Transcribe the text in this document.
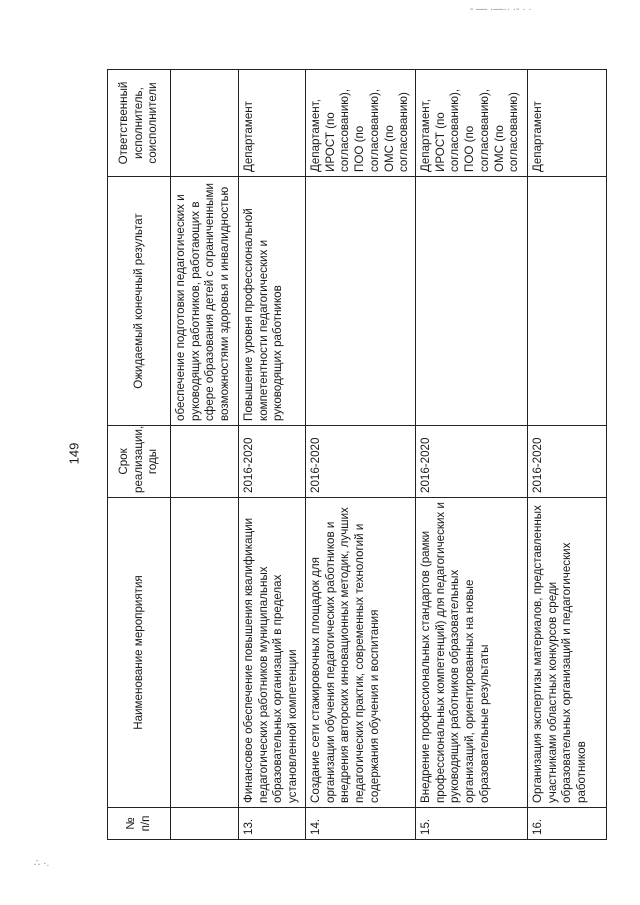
∴ ·.
- –– ·—·· ·- · ·
149
№ п/п	Наименование мероприятия	Срок реализации, годы	Ожидаемый конечный результат	Ответственный исполнитель, соисполнители
			обеспечение подготовки педагогических и руководящих работников, работающих в сфере образования детей с ограниченными возможностями здоровья и инвалидностью	
13.	Финансовое обеспечение повышения квалификации педагогических работников муниципальных образовательных организаций в пределах установленной компетенции	2016-2020	Повышение уровня профессиональной компетентности педагогических и руководящих работников	Департамент
14.	Создание сети стажировочных площадок для организации обучения педагогических работников и внедрения авторских инновационных методик, лучших педагогических практик, современных технологий и содержания обучения и воспитания	2016-2020		Департамент, ИРОСТ (по согласованию), ПОО (по согласованию), ОМС (по согласованию)
15.	Внедрение профессиональных стандартов (рамки профессиональных компетенций) для педагогических и руководящих работников образовательных организаций, ориентированных на новые образовательные результаты	2016-2020		Департамент, ИРОСТ (по согласованию), ПОО (по согласованию), ОМС (по согласованию)
16.	Организация экспертизы материалов, представленных участниками областных конкурсов среди образовательных организаций и педагогических работников	2016-2020		Департамент
